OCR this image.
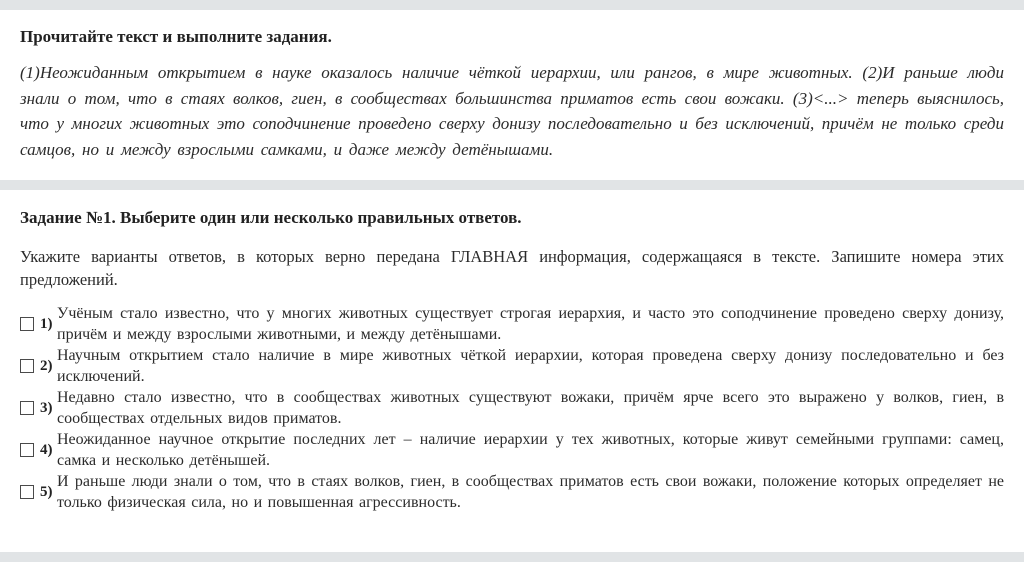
Прочитайте текст и выполните задания.

(1)Неожиданным открытием в науке оказалось наличие чёткой иерархии, или рангов, в мире животных. (2)И раньше люди знали о том, что в стаях волков, гиен, в сообществах большинства приматов есть свои вожаки. (3)<...> теперь выяснилось, что у многих животных это соподчинение проведено сверху донизу последовательно и без исключений, причём не только среди самцов, но и между взрослыми самками, и даже между детёнышами.

Задание №1. Выберите один или несколько правильных ответов.

Укажите варианты ответов, в которых верно передана ГЛАВНАЯ информация, содержащаяся в тексте. Запишите номера этих предложений.

1)
Учёным стало известно, что у многих животных существует строгая иерархия, и часто это соподчинение проведено сверху донизу, причём и между взрослыми животными, и между детёнышами.
2)
Научным открытием стало наличие в мире животных чёткой иерархии, которая проведена сверху донизу последовательно и без исключений.
3)
Недавно стало известно, что в сообществах животных существуют вожаки, причём ярче всего это выражено у волков, гиен, в сообществах отдельных видов приматов.
4)
Неожиданное научное открытие последних лет – наличие иерархии у тех животных, которые живут семейными группами: самец, самка и несколько детёнышей.
5)
И раньше люди знали о том, что в стаях волков, гиен, в сообществах приматов есть свои вожаки, положение которых определяет не только физическая сила, но и повышенная агрессивность.
